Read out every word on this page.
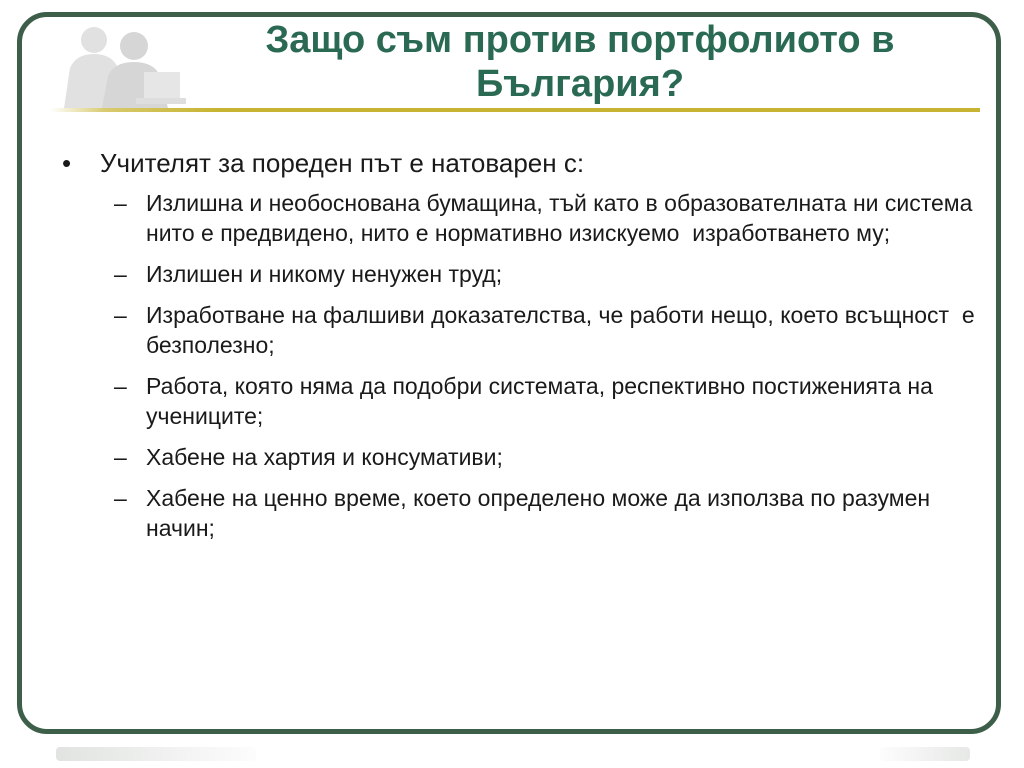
Защо съм против портфолиото в
България?
•	Учителят за пореден път е натоварен с:
– Излишна и необоснована бумащина, тъй като в образователната ни система нито е предвидено, нито е нормативно изискуемо  изработването му;
– Излишен и никому ненужен труд;
– Изработване на фалшиви доказателства, че работи нещо, което всъщност  е безполезно;
– Работа, която няма да подобри системата, респективно постиженията на учениците;
– Хабене на хартия и консумативи;
– Хабене на ценно време, което определено може да използва по разумен начин;
